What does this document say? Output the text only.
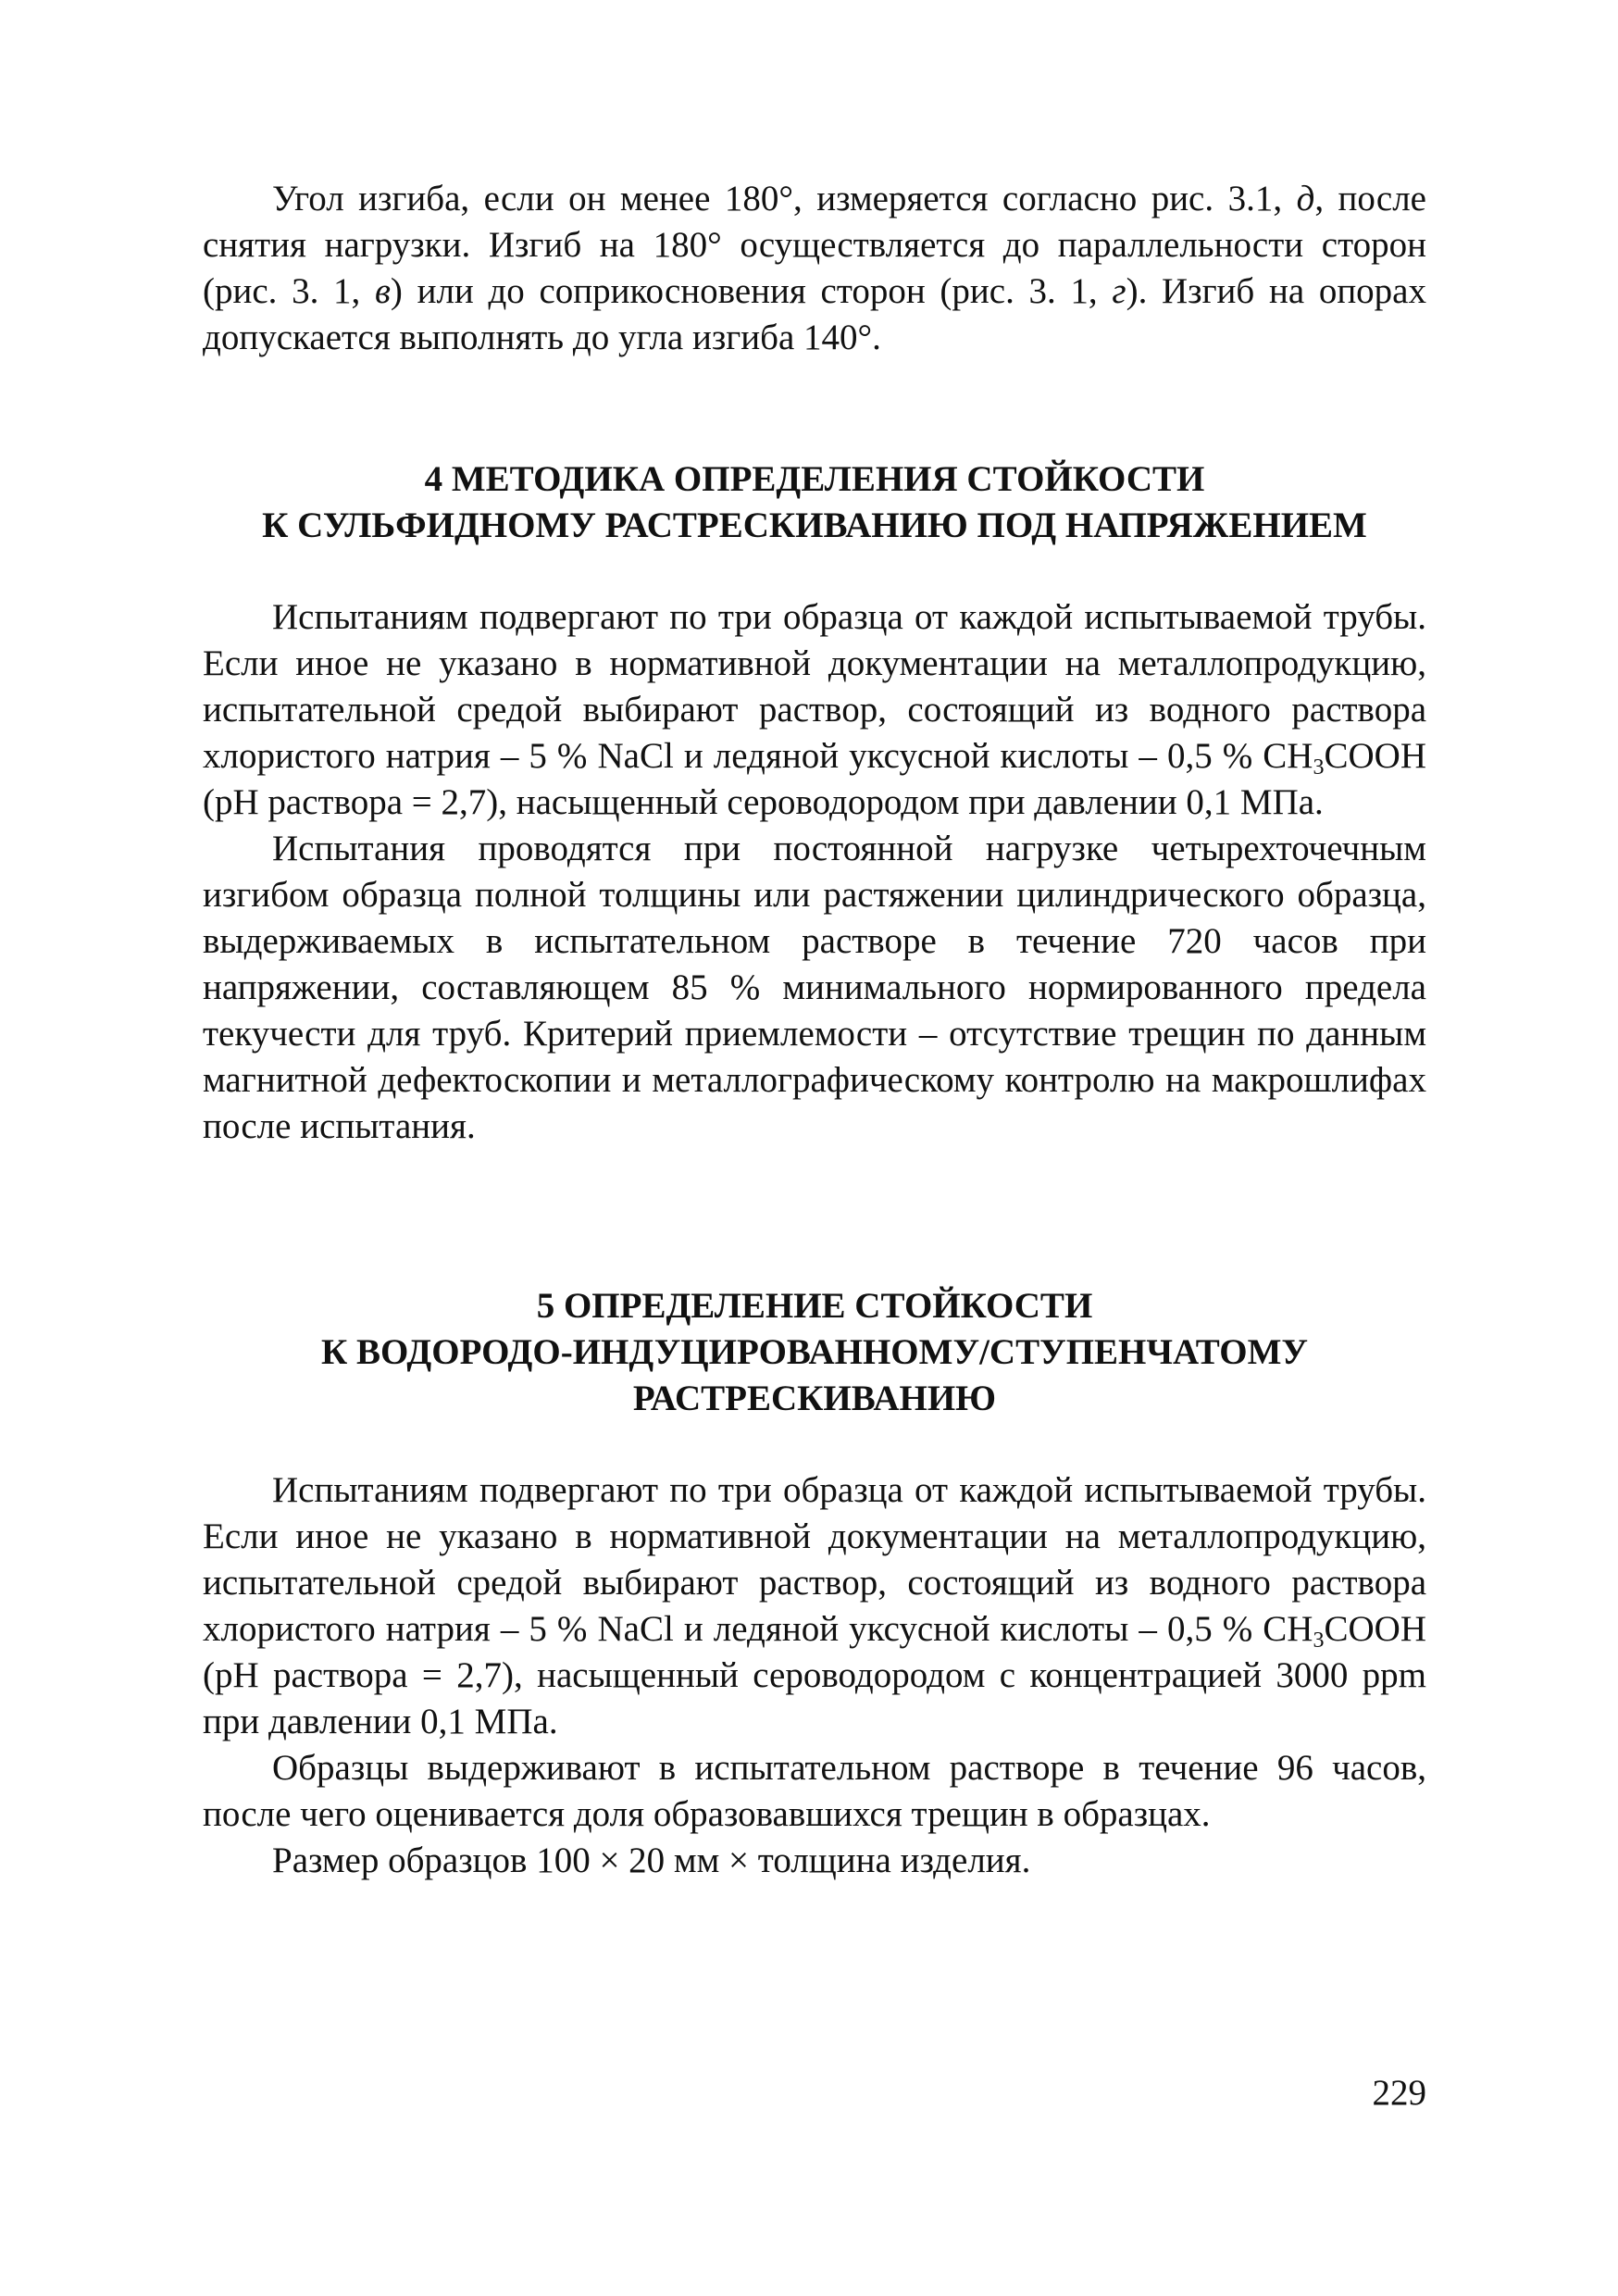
Угол изгиба, если он менее 180°, измеряется согласно рис. 3.1, д, после снятия нагрузки. Изгиб на 180° осуществляется до параллельности сторон (рис. 3. 1, в) или до соприкосновения сторон (рис. 3. 1, г). Изгиб на опорах допускается выполнять до угла изгиба 140°.

4 МЕТОДИКА ОПРЕДЕЛЕНИЯ СТОЙКОСТИ
К СУЛЬФИДНОМУ РАСТРЕСКИВАНИЮ ПОД НАПРЯЖЕНИЕМ

Испытаниям подвергают по три образца от каждой испытываемой трубы. Если иное не указано в нормативной документации на металлопродукцию, испытательной средой выбирают раствор, состоящий из водного раствора хлористого натрия – 5 % NaCl и ледяной уксусной кислоты – 0,5 % $CH_3COOH$ (pH раствора = 2,7), насыщенный сероводородом при давлении 0,1 МПа.

Испытания проводятся при постоянной нагрузке четырехточечным изгибом образца полной толщины или растяжении цилиндрического образца, выдерживаемых в испытательном растворе в течение 720 часов при напряжении, составляющем 85 % минимального нормированного предела текучести для труб. Критерий приемлемости – отсутствие трещин по данным магнитной дефектоскопии и металлографическому контролю на макрошлифах после испытания.

5 ОПРЕДЕЛЕНИЕ СТОЙКОСТИ
К ВОДОРОДО-ИНДУЦИРОВАННОМУ/СТУПЕНЧАТОМУ
РАСТРЕСКИВАНИЮ

Испытаниям подвергают по три образца от каждой испытываемой трубы. Если иное не указано в нормативной документации на металлопродукцию, испытательной средой выбирают раствор, состоящий из водного раствора хлористого натрия – 5 % NaCl и ледяной уксусной кислоты – 0,5 % $CH_3COOH$ (pH раствора = 2,7), насыщенный сероводородом с концентрацией 3000 ppm при давлении 0,1 МПа.

Образцы выдерживают в испытательном растворе в течение 96 часов, после чего оценивается доля образовавшихся трещин в образцах.

Размер образцов 100 × 20 мм × толщина изделия.

229
